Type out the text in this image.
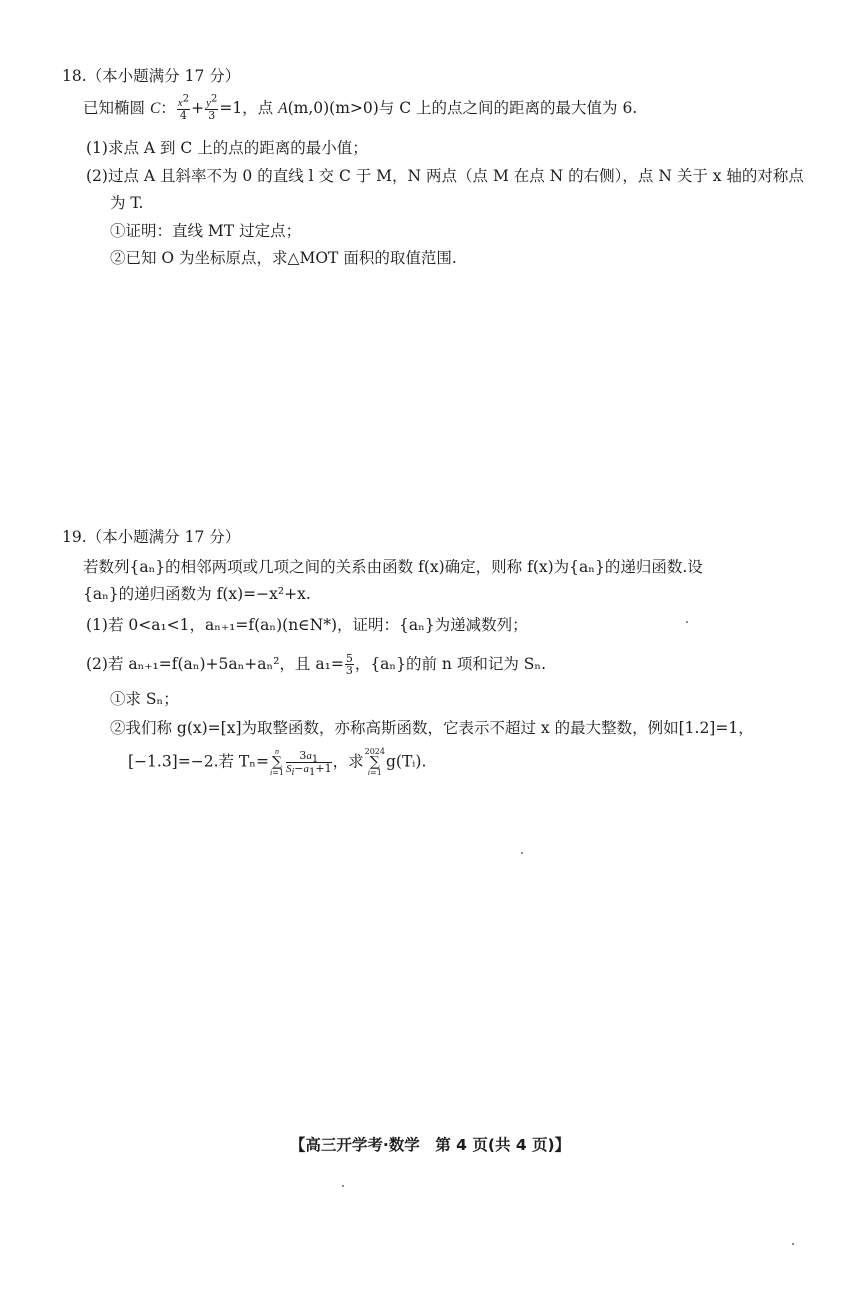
18.（本小题满分 17 分）
已知椭圆 C： $\frac{x^2}{4} + \frac{y^2}{3} =1$，点 A(m,0)(m>0)与 C 上的点之间的距离的最大值为 6.
(1)求点 A 到 C 上的点的距离的最小值；
(2)过点 A 且斜率不为 0 的直线 l 交 C 于 M，N 两点（点 M 在点 N 的右侧），点 N 关于 x 轴的对称点
为 T.
①证明：直线 MT 过定点；
②已知 O 为坐标原点，求△MOT 面积的取值范围.
19.（本小题满分 17 分）
若数列{aₙ}的相邻两项或几项之间的关系由函数 f(x)确定，则称 f(x)为{aₙ}的递归函数.设
{aₙ}的递归函数为 f(x)=−x²+x.
(1)若 0<a₁<1，aₙ₊₁=f(aₙ)(n∈N*)，证明：{aₙ}为递减数列；
(2)若 aₙ₊₁=f(aₙ)+5aₙ+aₙ²，且 $a_1= \frac{5}{3}$ ，{aₙ}的前 n 项和记为 Sₙ.
①求 Sₙ；
②我们称 g(x)=[x]为取整函数，亦称高斯函数，它表示不超过 x 的最大整数，例如[1.2]=1，
[−1.3]=−2.若 Tₙ=
n
∑
$i=1 \frac{3a_1}{S_i-a_1+1}$ ，求
2024
∑
i=1
g(Tᵢ).
【高三开学考·数学　第 4 页(共 4 页)】
